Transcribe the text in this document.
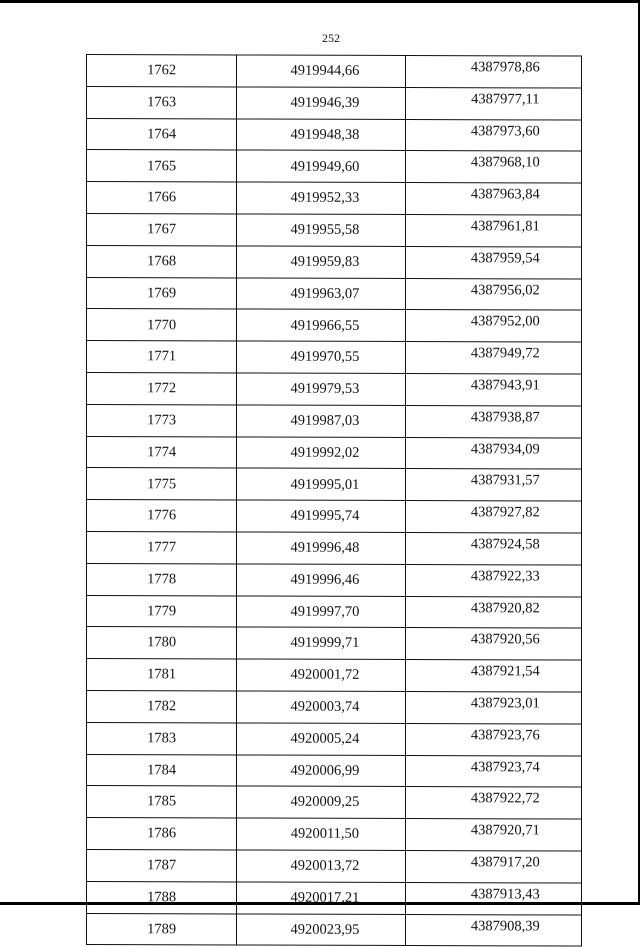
252
1762	4919944,66	4387978,86
1763	4919946,39	4387977,11
1764	4919948,38	4387973,60
1765	4919949,60	4387968,10
1766	4919952,33	4387963,84
1767	4919955,58	4387961,81
1768	4919959,83	4387959,54
1769	4919963,07	4387956,02
1770	4919966,55	4387952,00
1771	4919970,55	4387949,72
1772	4919979,53	4387943,91
1773	4919987,03	4387938,87
1774	4919992,02	4387934,09
1775	4919995,01	4387931,57
1776	4919995,74	4387927,82
1777	4919996,48	4387924,58
1778	4919996,46	4387922,33
1779	4919997,70	4387920,82
1780	4919999,71	4387920,56
1781	4920001,72	4387921,54
1782	4920003,74	4387923,01
1783	4920005,24	4387923,76
1784	4920006,99	4387923,74
1785	4920009,25	4387922,72
1786	4920011,50	4387920,71
1787	4920013,72	4387917,20
1788	4920017,21	4387913,43
1789	4920023,95	4387908,39
